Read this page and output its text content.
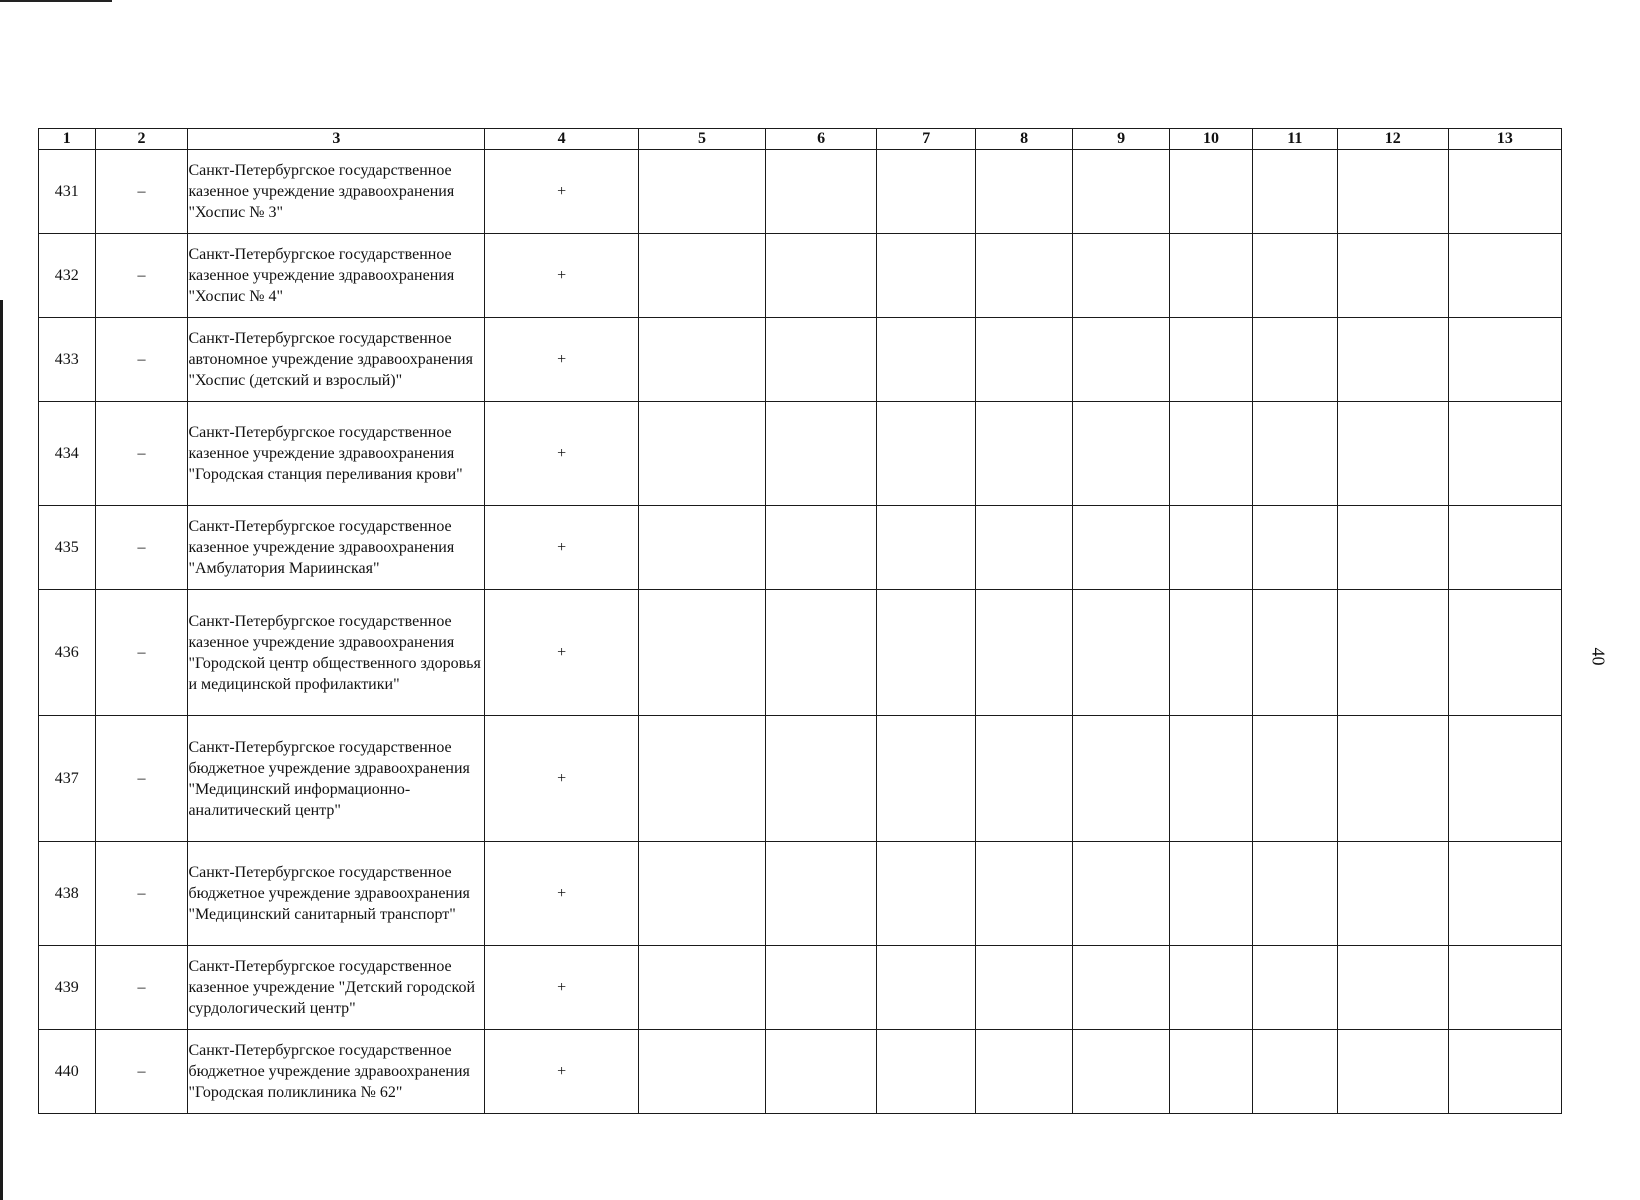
40
1	2	3	4	5	6	7	8	9	10	11	12	13
431	–	Санкт-Петербургское государственное казенное учреждение здравоохранения "Хоспис № 3"	+									
432	–	Санкт-Петербургское государственное казенное учреждение здравоохранения "Хоспис № 4"	+									
433	–	Санкт-Петербургское государственное автономное учреждение здравоохранения "Хоспис (детский и взрослый)"	+									
434	–	Санкт-Петербургское государственное казенное учреждение здравоохранения "Городская станция переливания крови"	+									
435	–	Санкт-Петербургское государственное казенное учреждение здравоохранения "Амбулатория Мариинская"	+									
436	–	Санкт-Петербургское государственное казенное учреждение здравоохранения "Городской центр общественного здоровья и медицинской профилактики"	+									
437	–	Санкт-Петербургское государственное бюджетное учреждение здравоохранения "Медицинский информационно-аналитический центр"	+									
438	–	Санкт-Петербургское государственное бюджетное учреждение здравоохранения "Медицинский санитарный транспорт"	+									
439	–	Санкт-Петербургское государственное казенное учреждение "Детский городской сурдологический центр"	+									
440	–	Санкт-Петербургское государственное бюджетное учреждение здравоохранения "Городская поликлиника № 62"	+									
